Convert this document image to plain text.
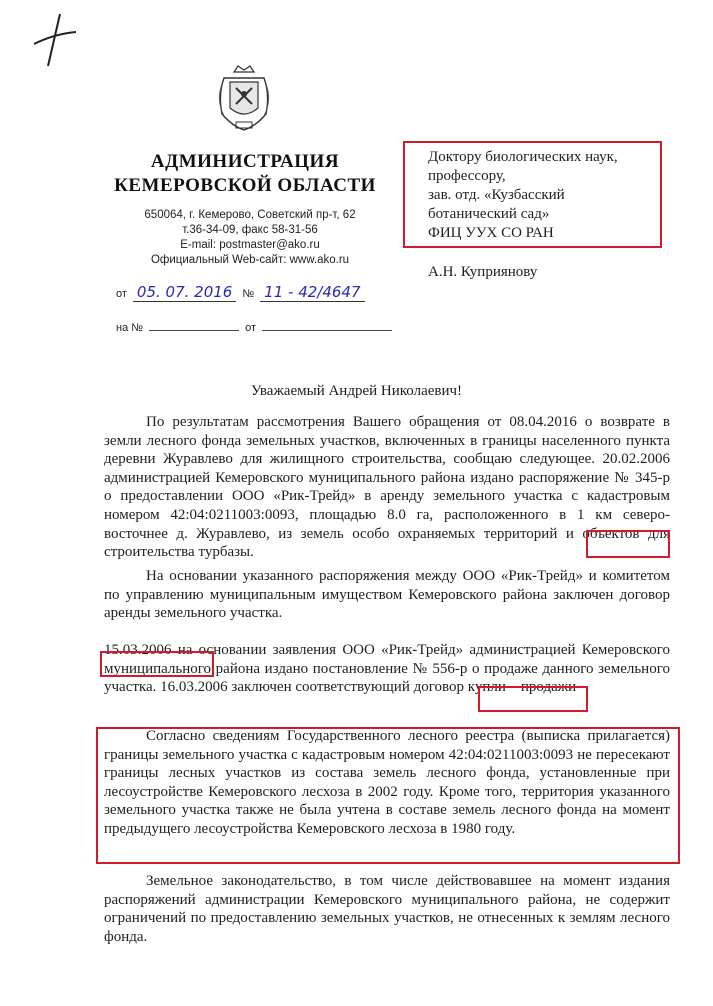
АДМИНИСТРАЦИЯ
КЕМЕРОВСКОЙ ОБЛАСТИ
650064, г. Кемерово, Советский пр-т, 62
т.36-34-09, факс 58-31-56
E-mail: postmaster@ako.ru
Официальный Web-сайт: www.ako.ru
от 05. 07. 2016 № 11 - 42/4647
на №	от
Доктору биологических наук,
профессору,
зав. отд. «Кузбасский
ботанический сад»
ФИЦ УУХ СО РАН
А.Н. Куприянову
Уважаемый Андрей Николаевич!
По результатам рассмотрения Вашего обращения от 08.04.2016 о возврате в земли лесного фонда земельных участков, включенных в границы населенного пункта деревни Журавлево для жилищного строительства, сообщаю следующее. 20.02.2006 администрацией Кемеровского муниципального района издано распоряжение № 345-р о предоставлении ООО «Рик-Трейд» в аренду земельного участка с кадастровым номером 42:04:0211003:0093, площадью 8.0 га, расположенного в 1 км северо-восточнее д. Журавлево, из земель особо охраняемых территорий и объектов для строительства турбазы.
На основании указанного распоряжения между ООО «Рик-Трейд» и комитетом по управлению муниципальным имуществом Кемеровского района заключен договор аренды земельного участка.
15.03.2006 на основании заявления ООО «Рик-Трейд» администрацией Кемеровского муниципального района издано постановление № 556-р о продаже данного земельного участка. 16.03.2006 заключен соответствующий договор купли – продажи
Согласно сведениям Государственного лесного реестра (выписка прилагается) границы земельного участка с кадастровым номером 42:04:0211003:0093 не пересекают границы лесных участков из состава земель лесного фонда, установленные при лесоустройстве Кемеровского лесхоза в 2002 году. Кроме того, территория указанного земельного участка также не была учтена в составе земель лесного фонда на момент предыдущего лесоустройства Кемеровского лесхоза в 1980 году.
Земельное законодательство, в том числе действовавшее на момент издания распоряжений администрации Кемеровского муниципального района, не содержит ограничений по предоставлению земельных участков, не отнесенных к землям лесного фонда.
